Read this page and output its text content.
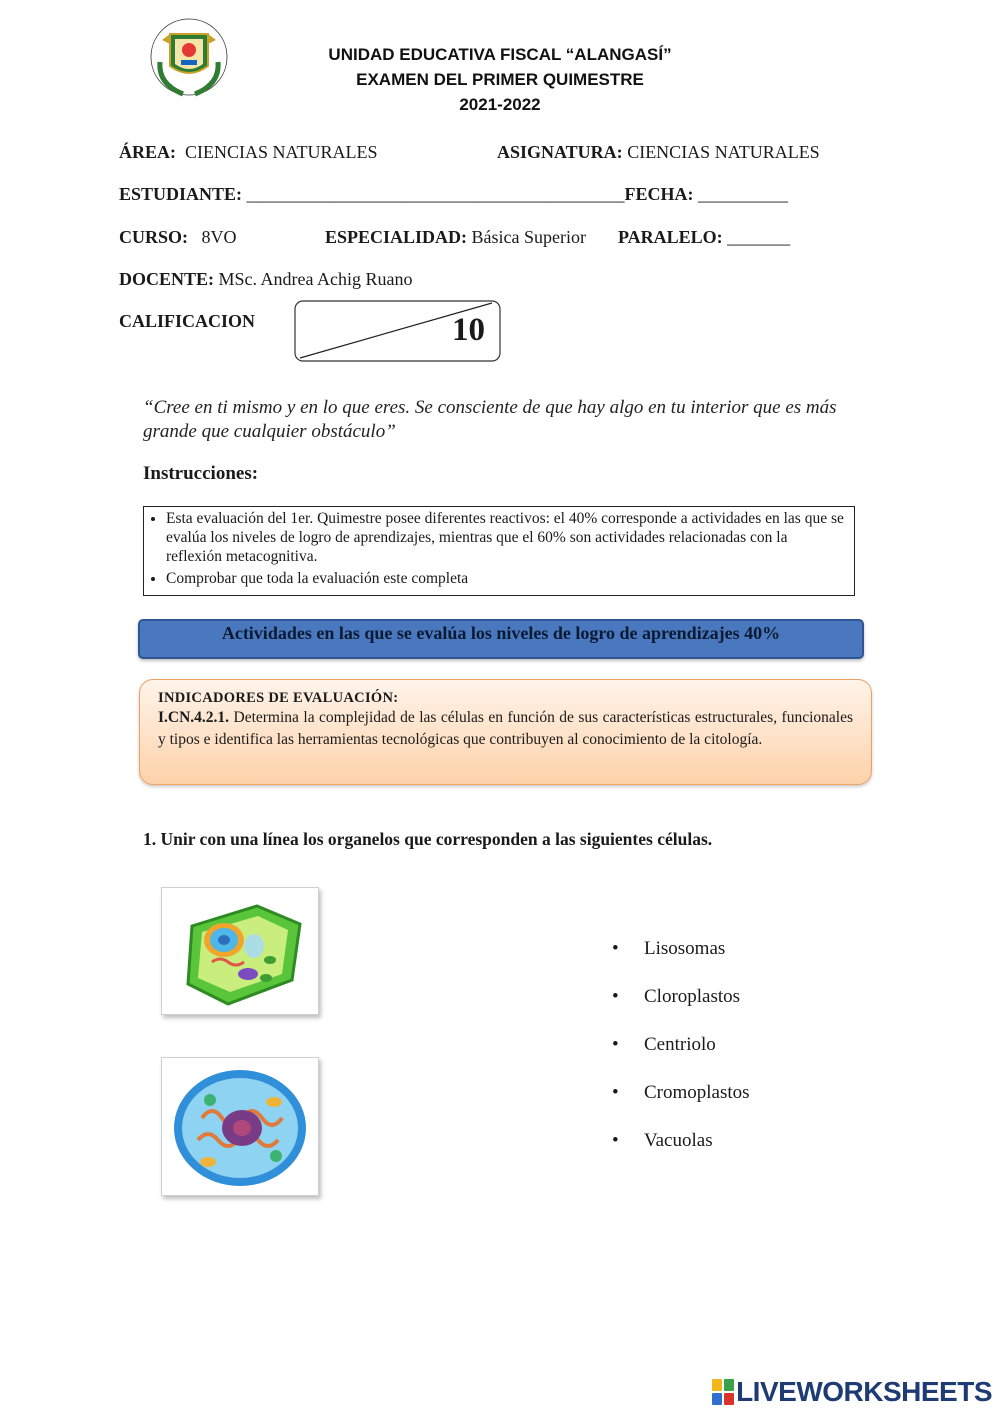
UNIDAD EDUCATIVA FISCAL “ALANGASÍ”
EXAMEN DEL PRIMER QUIMESTRE
2021-2022
ÁREA: CIENCIAS NATURALES	ASIGNATURA: CIENCIAS NATURALES
ESTUDIANTE: __________________________________________FECHA: __________
CURSO: 8VO	ESPECIALIDAD: Básica Superior PARALELO: _______
DOCENTE: MSc. Andrea Achig Ruano
CALIFICACION	10
“Cree en ti mismo y en lo que eres. Se consciente de que hay algo en tu interior que es más grande que cualquier obstáculo”
Instrucciones:
• Esta evaluación del 1er. Quimestre posee diferentes reactivos: el 40% corresponde a actividades en las que se evalúa los niveles de logro de aprendizajes, mientras que el 60% son actividades relacionadas con la reflexión metacognitiva.
• Comprobar que toda la evaluación este completa
Actividades en las que se evalúa los niveles de logro de aprendizajes 40%
INDICADORES DE EVALUACIÓN:
I.CN.4.2.1. Determina la complejidad de las células en función de sus características estructurales, funcionales y tipos e identifica las herramientas tecnológicas que contribuyen al conocimiento de la citología.
1. Unir con una línea los organelos que corresponden a las siguientes células.
• Lisosomas
• Cloroplastos
• Centriolo
• Cromoplastos
• Vacuolas
LIVEWORKSHEETS
